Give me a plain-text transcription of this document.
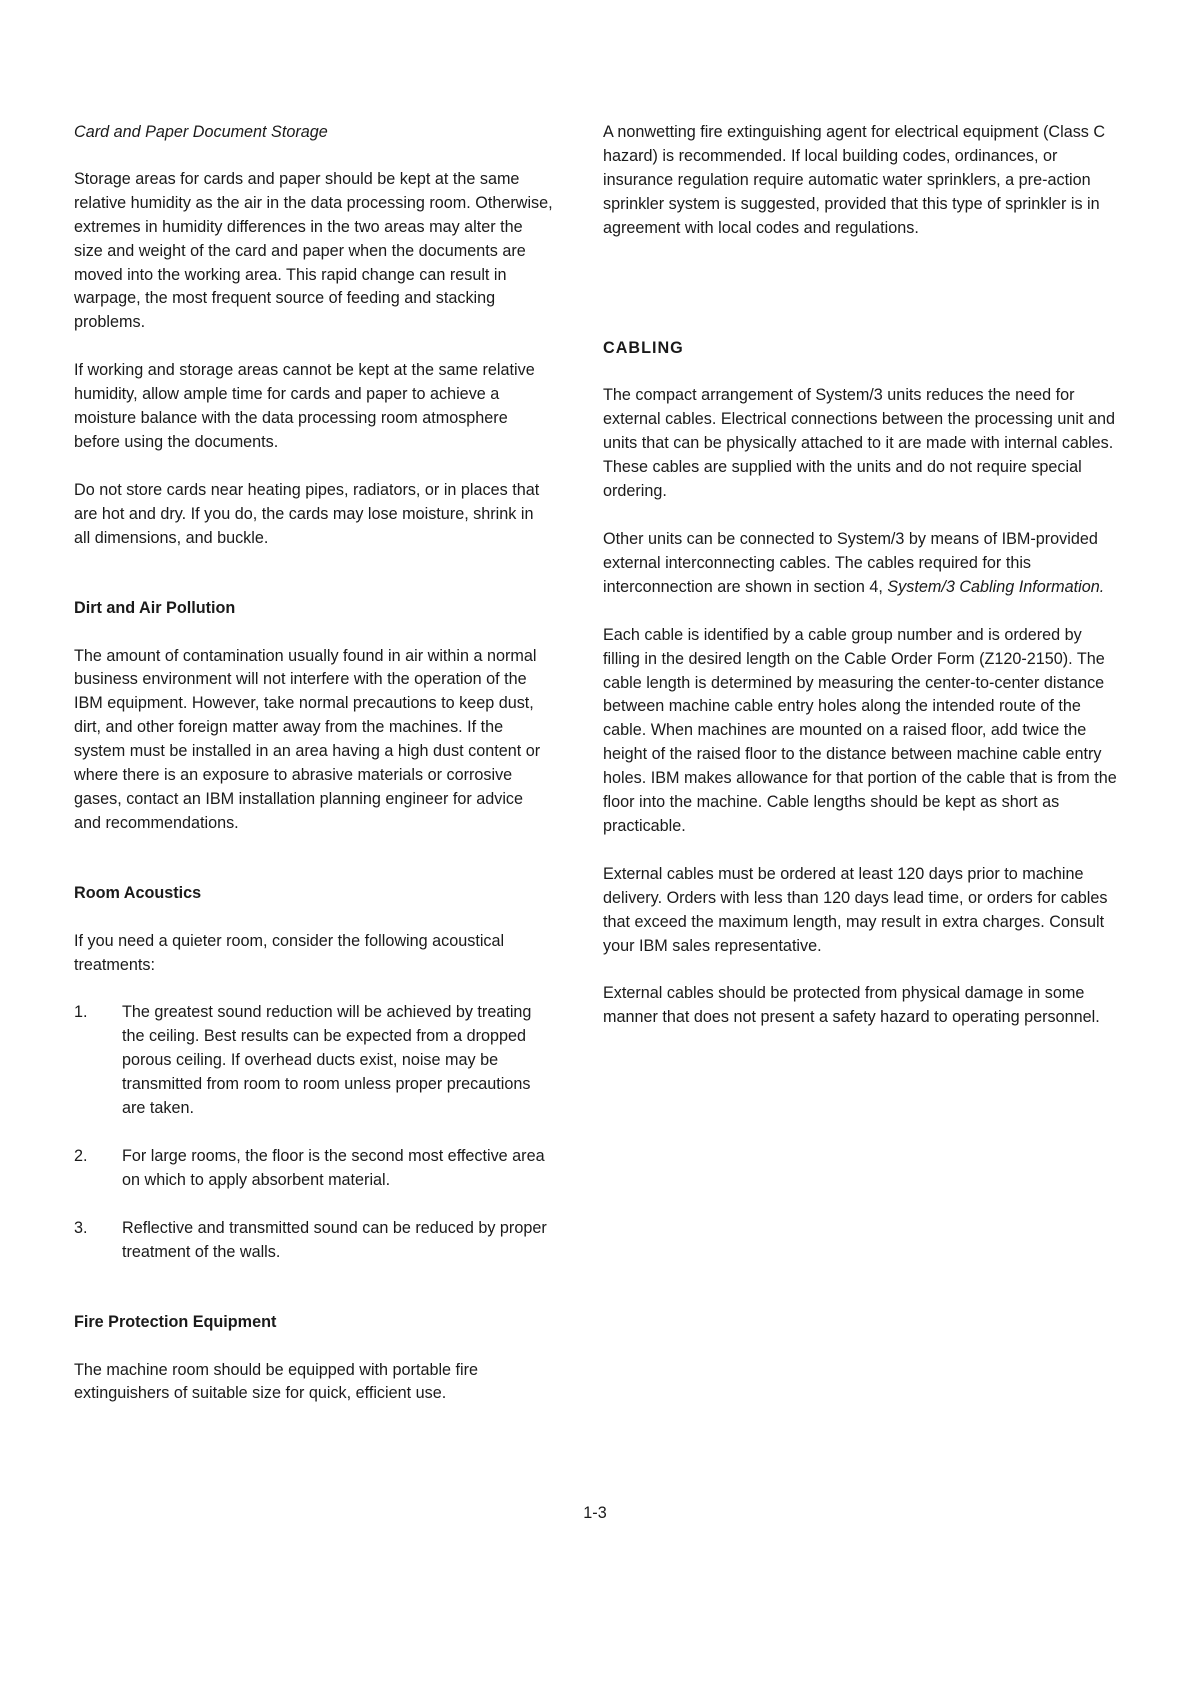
Card and Paper Document Storage

Storage areas for cards and paper should be kept at the same relative humidity as the air in the data processing room. Otherwise, extremes in humidity differences in the two areas may alter the size and weight of the card and paper when the documents are moved into the working area. This rapid change can result in warpage, the most frequent source of feeding and stacking problems.

If working and storage areas cannot be kept at the same relative humidity, allow ample time for cards and paper to achieve a moisture balance with the data processing room atmosphere before using the documents.

Do not store cards near heating pipes, radiators, or in places that are hot and dry. If you do, the cards may lose moisture, shrink in all dimensions, and buckle.

Dirt and Air Pollution

The amount of contamination usually found in air within a normal business environment will not interfere with the operation of the IBM equipment. However, take normal precautions to keep dust, dirt, and other foreign matter away from the machines. If the system must be installed in an area having a high dust content or where there is an exposure to abrasive materials or corrosive gases, contact an IBM installation planning engineer for advice and recommendations.

Room Acoustics

If you need a quieter room, consider the following acoustical treatments:

1.	The greatest sound reduction will be achieved by treating the ceiling. Best results can be expected from a dropped porous ceiling. If overhead ducts exist, noise may be transmitted from room to room unless proper precautions are taken.
2.	For large rooms, the floor is the second most effective area on which to apply absorbent material.
3.	Reflective and transmitted sound can be reduced by proper treatment of the walls.

Fire Protection Equipment

The machine room should be equipped with portable fire extinguishers of suitable size for quick, efficient use.

A nonwetting fire extinguishing agent for electrical equipment (Class C hazard) is recommended. If local building codes, ordinances, or insurance regulation require automatic water sprinklers, a pre-action sprinkler system is suggested, provided that this type of sprinkler is in agreement with local codes and regulations.

CABLING

The compact arrangement of System/3 units reduces the need for external cables. Electrical connections between the processing unit and units that can be physically attached to it are made with internal cables. These cables are supplied with the units and do not require special ordering.

Other units can be connected to System/3 by means of IBM-provided external interconnecting cables. The cables required for this interconnection are shown in section 4, System/3 Cabling Information.

Each cable is identified by a cable group number and is ordered by filling in the desired length on the Cable Order Form (Z120-2150). The cable length is determined by measuring the center-to-center distance between machine cable entry holes along the intended route of the cable. When machines are mounted on a raised floor, add twice the height of the raised floor to the distance between machine cable entry holes. IBM makes allowance for that portion of the cable that is from the floor into the machine. Cable lengths should be kept as short as practicable.

External cables must be ordered at least 120 days prior to machine delivery. Orders with less than 120 days lead time, or orders for cables that exceed the maximum length, may result in extra charges. Consult your IBM sales representative.

External cables should be protected from physical damage in some manner that does not present a safety hazard to operating personnel.

1-3
